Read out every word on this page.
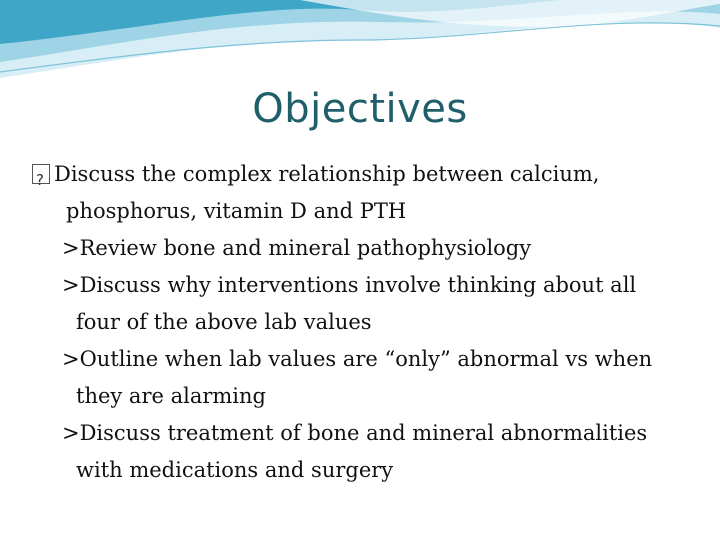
Objectives
?Discuss the complex relationship between calcium,
phosphorus, vitamin D and PTH
>Review bone and mineral pathophysiology
>Discuss why interventions involve thinking about all
four of the above lab values
>Outline when lab values are “only” abnormal vs when
they are alarming
>Discuss treatment of bone and mineral abnormalities
with medications and surgery
